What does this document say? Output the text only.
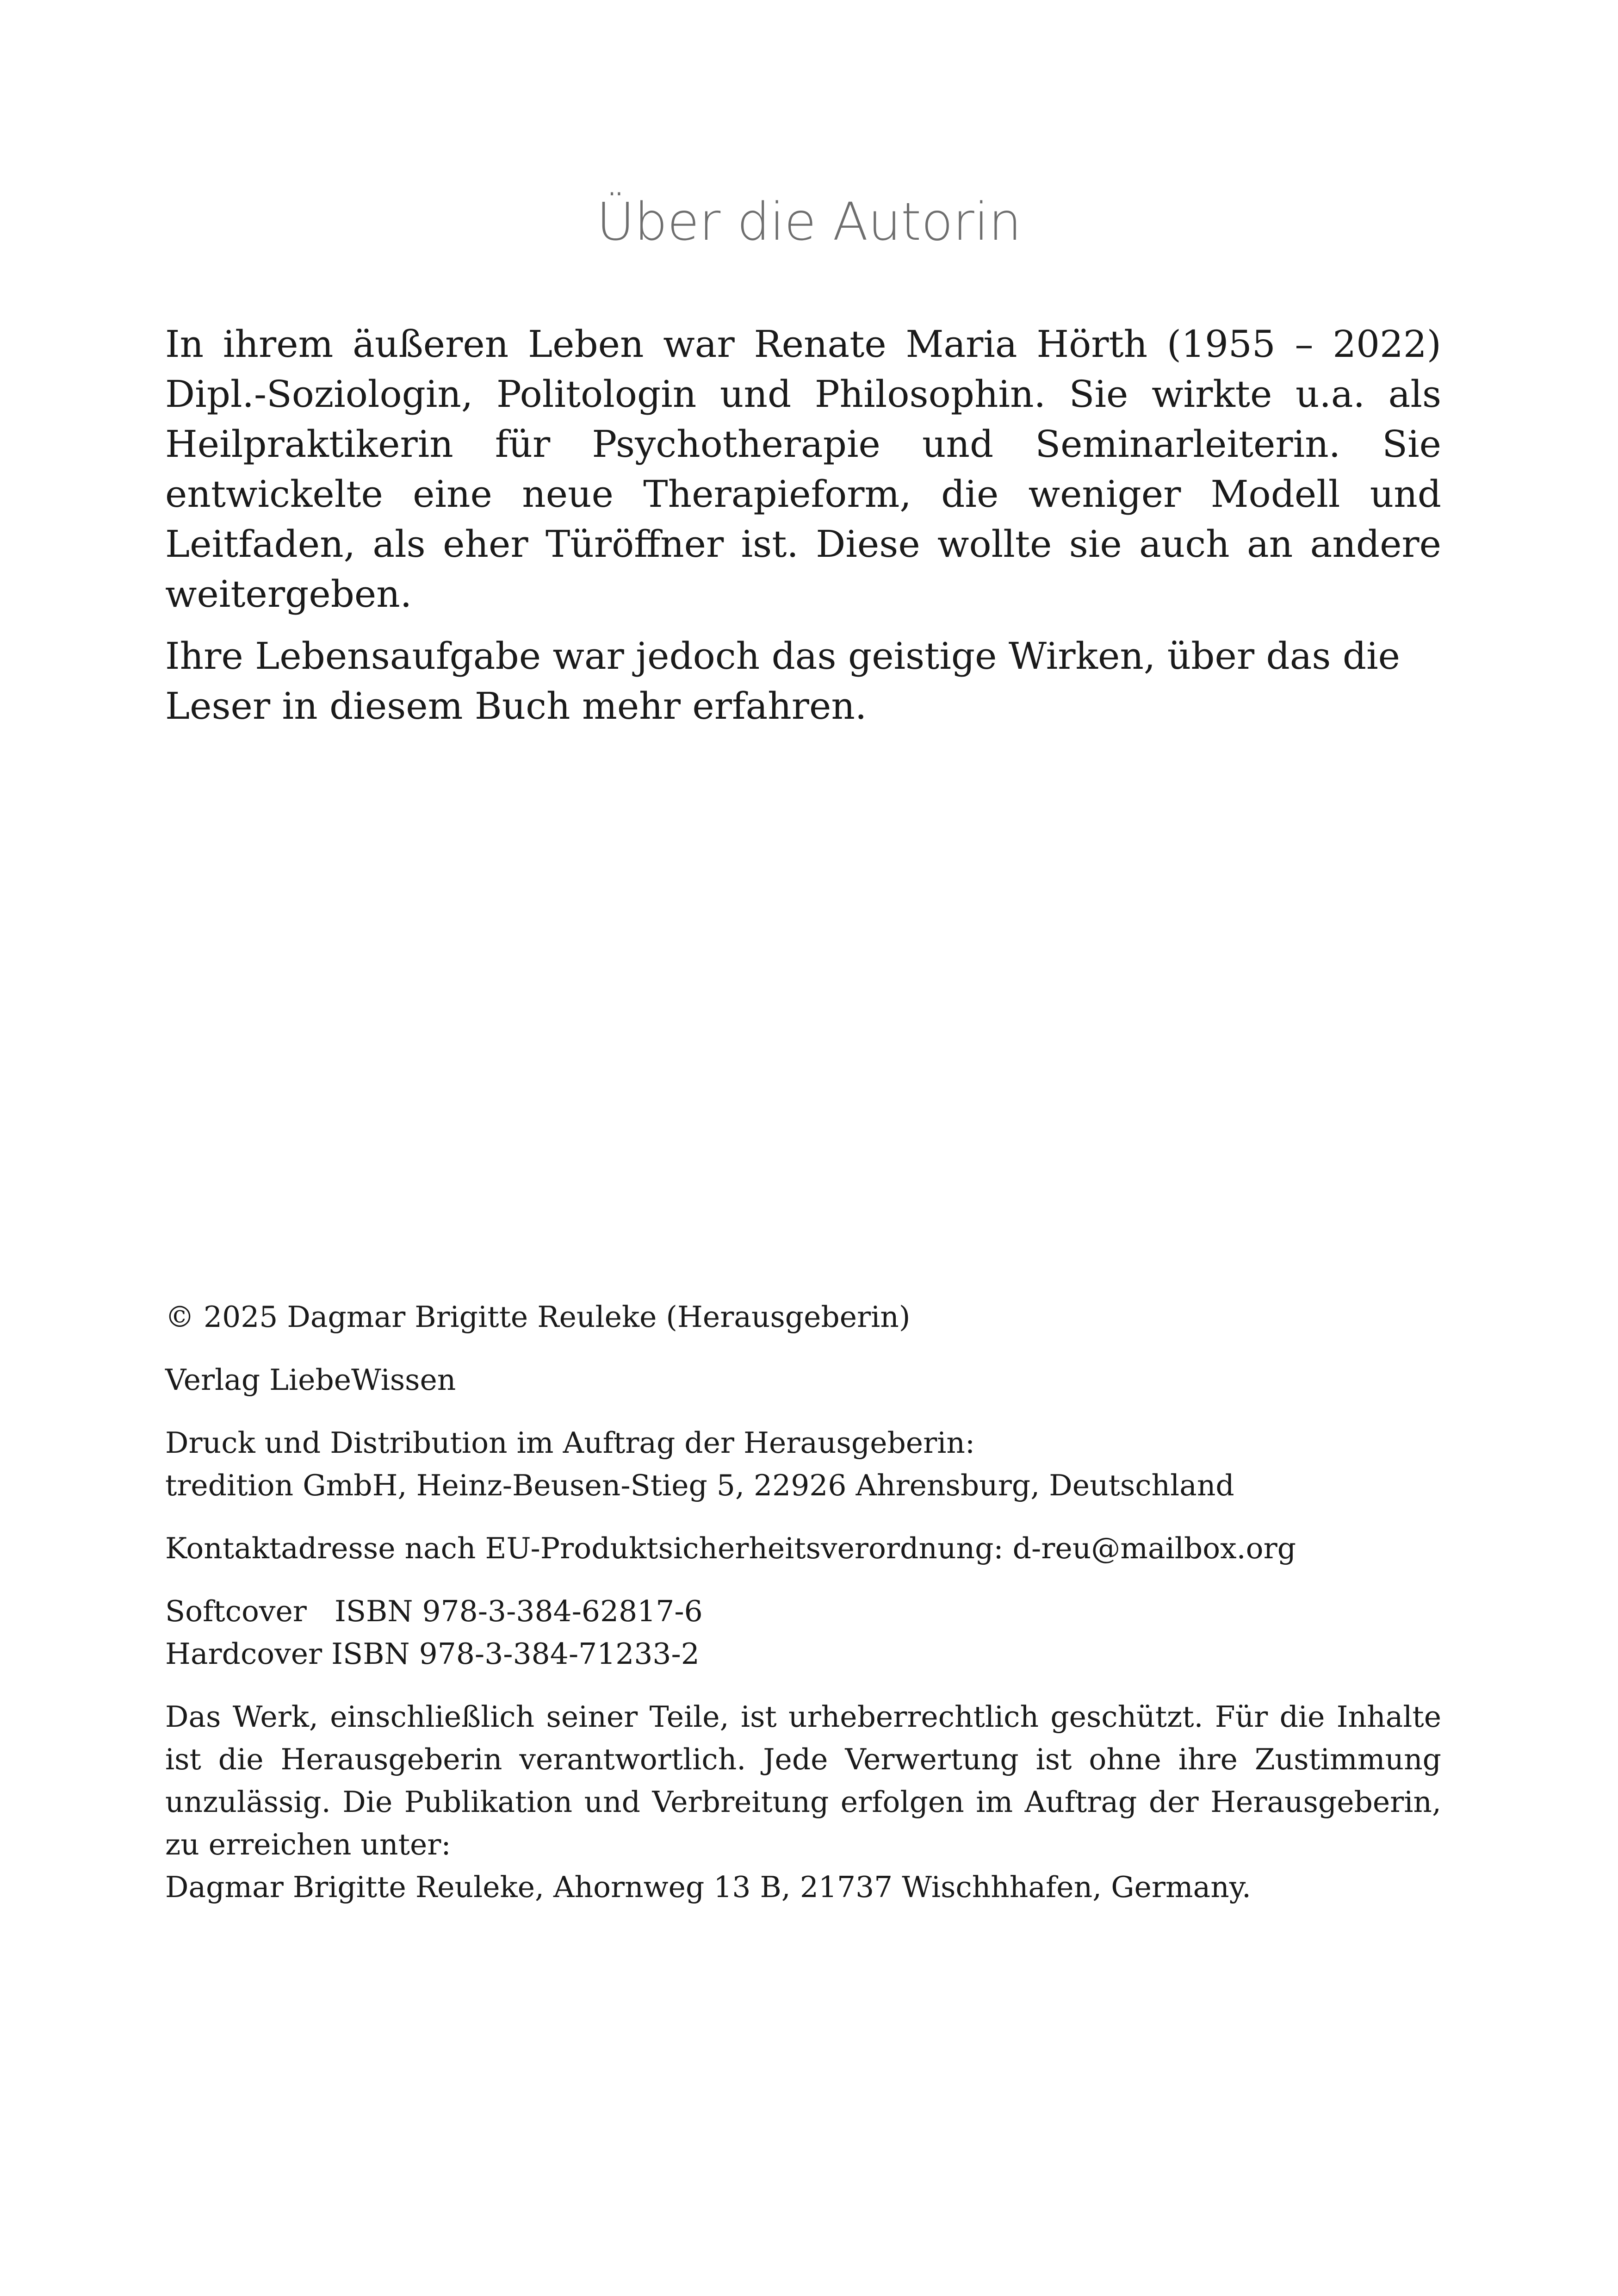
Über die Autorin

In ihrem äußeren Leben war Renate Maria Hörth (1955 – 2022) Dipl.-Soziologin, Politologin und Philosophin. Sie wirkte u.a. als Heilpraktikerin für Psychotherapie und Seminarleiterin. Sie entwickelte eine neue Therapieform, die weniger Modell und Leitfaden, als eher Türöffner ist. Diese wollte sie auch an andere weitergeben.

Ihre Lebensaufgabe war jedoch das geistige Wirken, über das die Leser in diesem Buch mehr erfahren.

© 2025 Dagmar Brigitte Reuleke (Herausgeberin)
Verlag LiebeWissen
Druck und Distribution im Auftrag der Herausgeberin:
tredition GmbH, Heinz-Beusen-Stieg 5, 22926 Ahrensburg, Deutschland
Kontaktadresse nach EU-Produktsicherheitsverordnung: d-reu@mailbox.org
Softcover   ISBN 978-3-384-62817-6
Hardcover ISBN 978-3-384-71233-2
Das Werk, einschließlich seiner Teile, ist urheberrechtlich geschützt. Für die Inhalte ist die Herausgeberin verantwortlich. Jede Verwertung ist ohne ihre Zustimmung unzulässig. Die Publikation und Verbreitung erfolgen im Auftrag der Herausgeberin, zu erreichen unter:
Dagmar Brigitte Reuleke, Ahornweg 13 B, 21737 Wischhhafen, Germany.
